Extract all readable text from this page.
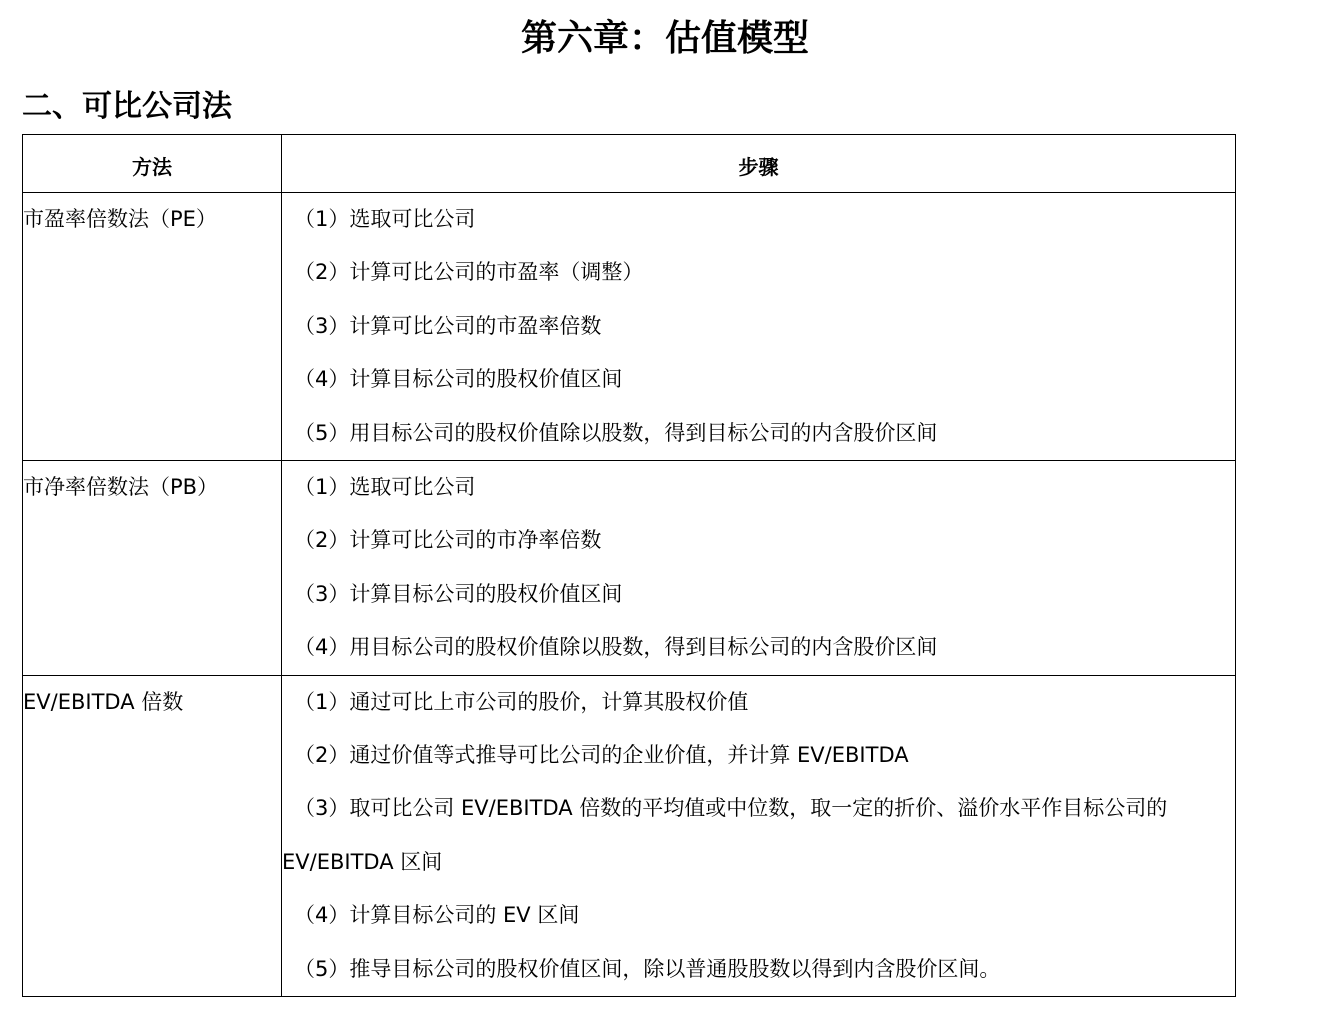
第六章：估值模型
二、可比公司法
方法	步骤
市盈率倍数法（PE）	（1）选取可比公司
（2）计算可比公司的市盈率（调整）
（3）计算可比公司的市盈率倍数
（4）计算目标公司的股权价值区间
（5）用目标公司的股权价值除以股数，得到目标公司的内含股价区间

市净率倍数法（PB）	（1）选取可比公司
（2）计算可比公司的市净率倍数
（3）计算目标公司的股权价值区间
（4）用目标公司的股权价值除以股数，得到目标公司的内含股价区间

EV/EBITDA 倍数	（1）通过可比上市公司的股价，计算其股权价值
（2）通过价值等式推导可比公司的企业价值，并计算 EV/EBITDA
（3）取可比公司 EV/EBITDA 倍数的平均值或中位数，取一定的折价、溢价水平作目标公司的 EV/EBITDA 区间
（4）计算目标公司的 EV 区间
（5）推导目标公司的股权价值区间，除以普通股股数以得到内含股价区间。
